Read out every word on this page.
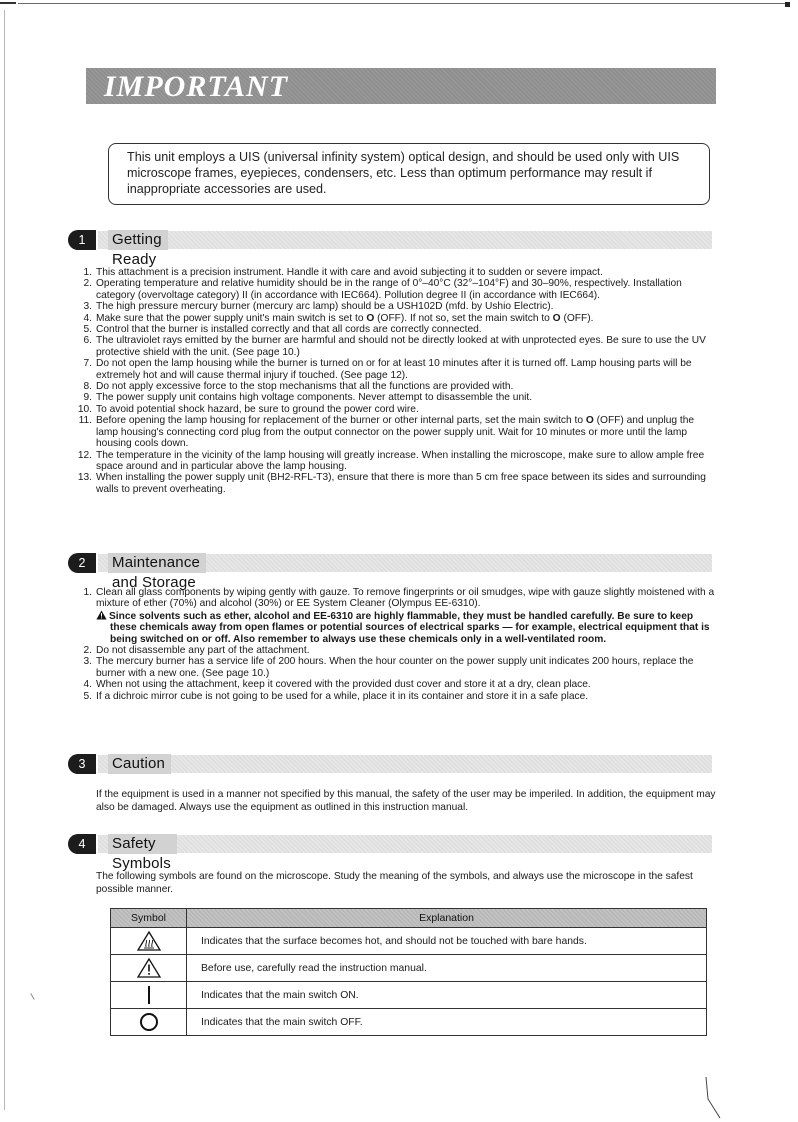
IMPORTANT
This unit employs a UIS (universal infinity system) optical design, and should be used only with UIS microscope frames, eyepieces, condensers, etc. Less than optimum performance may result if inappropriate accessories are used.
1	Getting Ready
1. This attachment is a precision instrument. Handle it with care and avoid subjecting it to sudden or severe impact.
2. Operating temperature and relative humidity should be in the range of 0°–40°C (32°–104°F) and 30–90%, respectively. Installation category (overvoltage category) II (in accordance with IEC664). Pollution degree II (in accordance with IEC664).
3. The high pressure mercury burner (mercury arc lamp) should be a USH102D (mfd. by Ushio Electric).
4. Make sure that the power supply unit's main switch is set to O (OFF). If not so, set the main switch to O (OFF).
5. Control that the burner is installed correctly and that all cords are correctly connected.
6. The ultraviolet rays emitted by the burner are harmful and should not be directly looked at with unprotected eyes. Be sure to use the UV protective shield with the unit. (See page 10.)
7. Do not open the lamp housing while the burner is turned on or for at least 10 minutes after it is turned off. Lamp housing parts will be extremely hot and will cause thermal injury if touched. (See page 12).
8. Do not apply excessive force to the stop mechanisms that all the functions are provided with.
9. The power supply unit contains high voltage components. Never attempt to disassemble the unit.
10. To avoid potential shock hazard, be sure to ground the power cord wire.
11. Before opening the lamp housing for replacement of the burner or other internal parts, set the main switch to O (OFF) and unplug the lamp housing's connecting cord plug from the output connector on the power supply unit. Wait for 10 minutes or more until the lamp housing cools down.
12. The temperature in the vicinity of the lamp housing will greatly increase. When installing the microscope, make sure to allow ample free space around and in particular above the lamp housing.
13. When installing the power supply unit (BH2-RFL-T3), ensure that there is more than 5 cm free space between its sides and surrounding walls to prevent overheating.
2	Maintenance and Storage
1. Clean all glass components by wiping gently with gauze. To remove fingerprints or oil smudges, wipe with gauze slightly moistened with a mixture of ether (70%) and alcohol (30%) or EE System Cleaner (Olympus EE-6310).
Since solvents such as ether, alcohol and EE-6310 are highly flammable, they must be handled carefully. Be sure to keep these chemicals away from open flames or potential sources of electrical sparks — for example, electrical equipment that is being switched on or off. Also remember to always use these chemicals only in a well-ventilated room.
2. Do not disassemble any part of the attachment.
3. The mercury burner has a service life of 200 hours. When the hour counter on the power supply unit indicates 200 hours, replace the burner with a new one. (See page 10.)
4. When not using the attachment, keep it covered with the provided dust cover and store it at a dry, clean place.
5. If a dichroic mirror cube is not going to be used for a while, place it in its container and store it in a safe place.
3	Caution
If the equipment is used in a manner not specified by this manual, the safety of the user may be imperiled. In addition, the equipment may also be damaged. Always use the equipment as outlined in this instruction manual.
4	Safety Symbols
The following symbols are found on the microscope. Study the meaning of the symbols, and always use the microscope in the safest possible manner.
Symbol	Explanation

	Indicates that the surface becomes hot, and should not be touched with bare hands.

	Before use, carefully read the instruction manual.

	Indicates that the main switch ON.

	Indicates that the main switch OFF.
